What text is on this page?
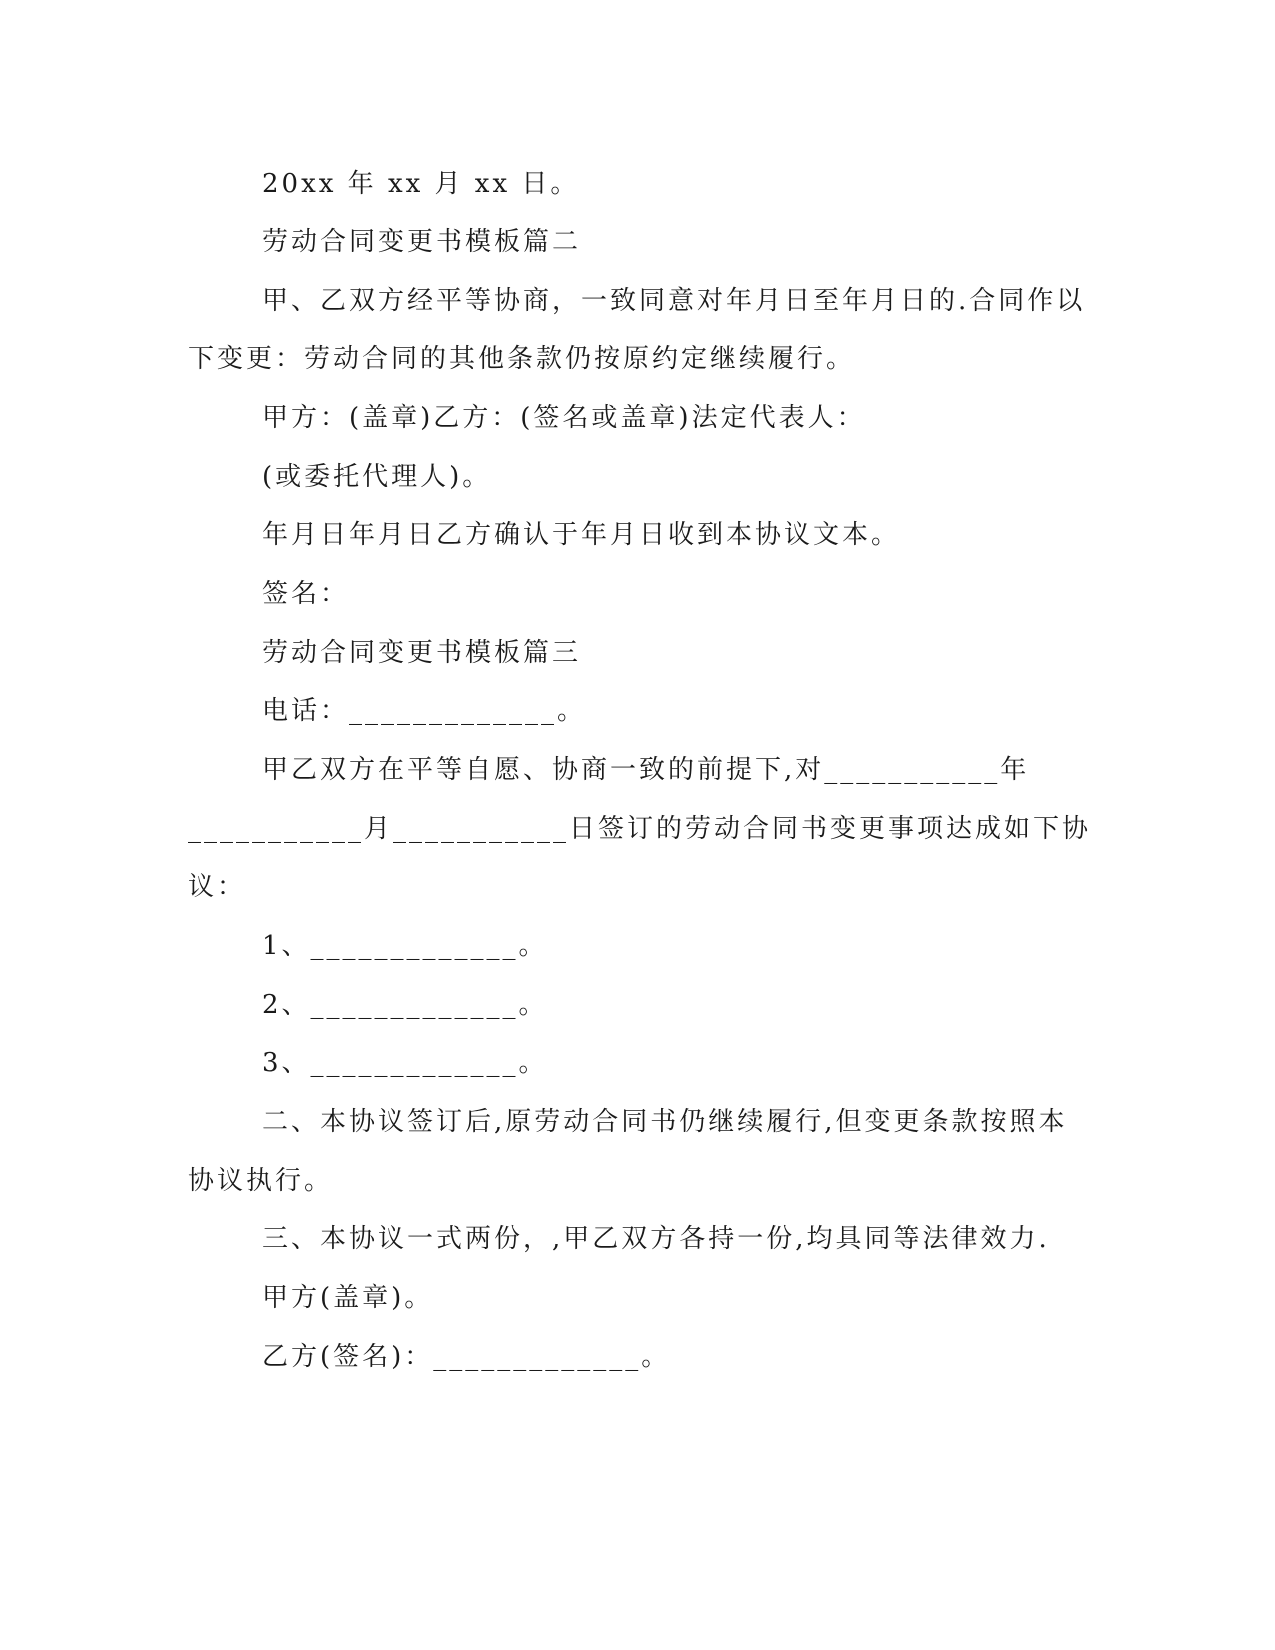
20xx 年 xx 月 xx 日。
劳动合同变更书模板篇二
甲、乙双方经平等协商，一致同意对年月日至年月日的.合同作以
下变更：劳动合同的其他条款仍按原约定继续履行。
甲方：(盖章)乙方：(签名或盖章)法定代表人：
(或委托代理人)。
年月日年月日乙方确认于年月日收到本协议文本。
签名：
劳动合同变更书模板篇三
电话：_____________。
甲乙双方在平等自愿、协商一致的前提下,对___________年
___________月___________日签订的劳动合同书变更事项达成如下协
议：
1、_____________。
2、_____________。
3、_____________。
二、本协议签订后,原劳动合同书仍继续履行,但变更条款按照本
协议执行。
三、本协议一式两份，,甲乙双方各持一份,均具同等法律效力.
甲方(盖章)。
乙方(签名)：_____________。
